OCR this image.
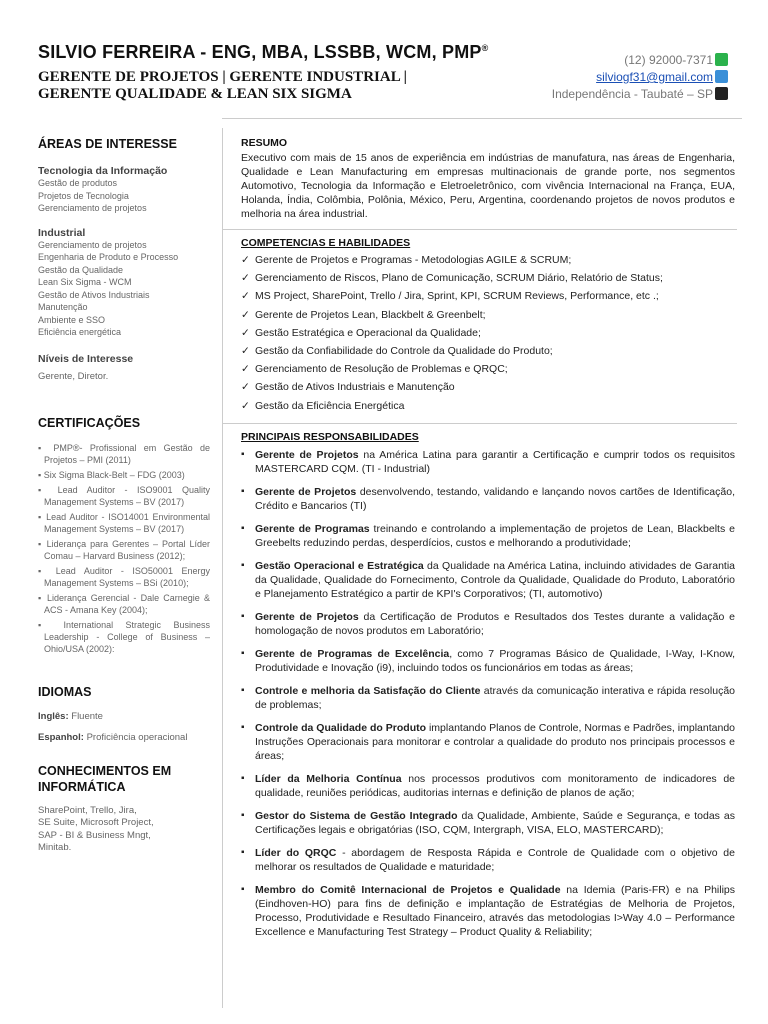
SILVIO FERREIRA - ENG, MBA, LSSBB, WCM, PMP®
GERENTE DE PROJETOS | GERENTE INDUSTRIAL |
GERENTE QUALIDADE & LEAN SIX SIGMA
(12) 92000-7371
silviogf31@gmail.com
Independência - Taubaté – SP
ÁREAS DE INTERESSE
Tecnologia da Informação
Gestão de produtos
Projetos de Tecnologia
Gerenciamento de projetos
Industrial
Gerenciamento de projetos
Engenharia de Produto e Processo
Gestão da Qualidade
Lean Six Sigma - WCM
Gestão de Ativos Industriais
Manutenção
Ambiente e SSO
Eficiência energética
Níveis de Interesse
Gerente, Diretor.
CERTIFICAÇÕES
▪ PMP®- Profissional em Gestão de Projetos – PMI (2011)
▪ Six Sigma Black-Belt – FDG (2003)
▪ Lead Auditor - ISO9001 Quality Management Systems – BV (2017)
▪ Lead Auditor - ISO14001 Environmental Management Systems – BV (2017)
▪ Liderança para Gerentes – Portal Líder Comau – Harvard Business (2012);
▪ Lead Auditor - ISO50001 Energy Management Systems – BSi (2010);
▪ Liderança Gerencial - Dale Carnegie & ACS - Amana Key (2004);
▪ International Strategic Business Leadership - College of Business – Ohio/USA (2002):
IDIOMAS
Inglês: Fluente
Espanhol: Proficiência operacional
CONHECIMENTOS EM
INFORMÁTICA
SharePoint, Trello, Jira,
SE Suite, Microsoft Project,
SAP - BI & Business Mngt,
Minitab.
RESUMO
Executivo com mais de 15 anos de experiência em indústrias de manufatura, nas áreas de Engenharia, Qualidade e Lean Manufacturing em empresas multinacionais de grande porte, nos segmentos Automotivo, Tecnologia da Informação e Eletroeletrônico, com vivência Internacional na França, EUA, Holanda, Índia, Colômbia, Polônia, México, Peru, Argentina, coordenando projetos de novos produtos e melhoria na área industrial.
COMPETENCIAS E HABILIDADES
✓ Gerente de Projetos e Programas - Metodologias AGILE & SCRUM;
✓ Gerenciamento de Riscos, Plano de Comunicação, SCRUM Diário, Relatório de Status;
✓ MS Project, SharePoint, Trello / Jira, Sprint, KPI, SCRUM Reviews, Performance, etc .;
✓ Gerente de Projetos Lean, Blackbelt & Greenbelt;
✓ Gestão Estratégica e Operacional da Qualidade;
✓ Gestão da Confiabilidade do Controle da Qualidade do Produto;
✓ Gerenciamento de Resolução de Problemas e QRQC;
✓ Gestão de Ativos Industriais e Manutenção
✓ Gestão da Eficiência Energética
PRINCIPAIS RESPONSABILIDADES
▪ Gerente de Projetos na América Latina para garantir a Certificação e cumprir todos os requisitos MASTERCARD CQM. (TI - Industrial)
▪ Gerente de Projetos desenvolvendo, testando, validando e lançando novos cartões de Identificação, Crédito e Bancarios (TI)
▪ Gerente de Programas treinando e controlando a implementação de projetos de Lean, Blackbelts e Greebelts reduzindo perdas, desperdícios, custos e melhorando a produtividade;
▪ Gestão Operacional e Estratégica da Qualidade na América Latina, incluindo atividades de Garantia da Qualidade, Qualidade do Fornecimento, Controle da Qualidade, Qualidade do Produto, Laboratório e Planejamento Estratégico a partir de KPI's Corporativos; (TI, automotivo)
▪ Gerente de Projetos da Certificação de Produtos e Resultados dos Testes durante a validação e homologação de novos produtos em Laboratório;
▪ Gerente de Programas de Excelência, como 7 Programas Básico de Qualidade, I-Way, I-Know, Produtividade e Inovação (i9), incluindo todos os funcionários em todas as áreas;
▪ Controle e melhoria da Satisfação do Cliente através da comunicação interativa e rápida resolução de problemas;
▪ Controle da Qualidade do Produto implantando Planos de Controle, Normas e Padrões, implantando Instruções Operacionais para monitorar e controlar a qualidade do produto nos principais processos e áreas;
▪ Líder da Melhoria Contínua nos processos produtivos com monitoramento de indicadores de qualidade, reuniões periódicas, auditorias internas e definição de planos de ação;
▪ Gestor do Sistema de Gestão Integrado da Qualidade, Ambiente, Saúde e Segurança, e todas as Certificações legais e obrigatórias (ISO, CQM, Intergraph, VISA, ELO, MASTERCARD);
▪ Líder do QRQC - abordagem de Resposta Rápida e Controle de Qualidade com o objetivo de melhorar os resultados de Qualidade e maturidade;
▪ Membro do Comitê Internacional de Projetos e Qualidade na Idemia (Paris-FR) e na Philips (Eindhoven-HO) para fins de definição e implantação de Estratégias de Melhoria de Projetos, Processo, Produtividade e Resultado Financeiro, através das metodologias I>Way 4.0 – Performance Excellence e Manufacturing Test Strategy – Product Quality & Reliability;
